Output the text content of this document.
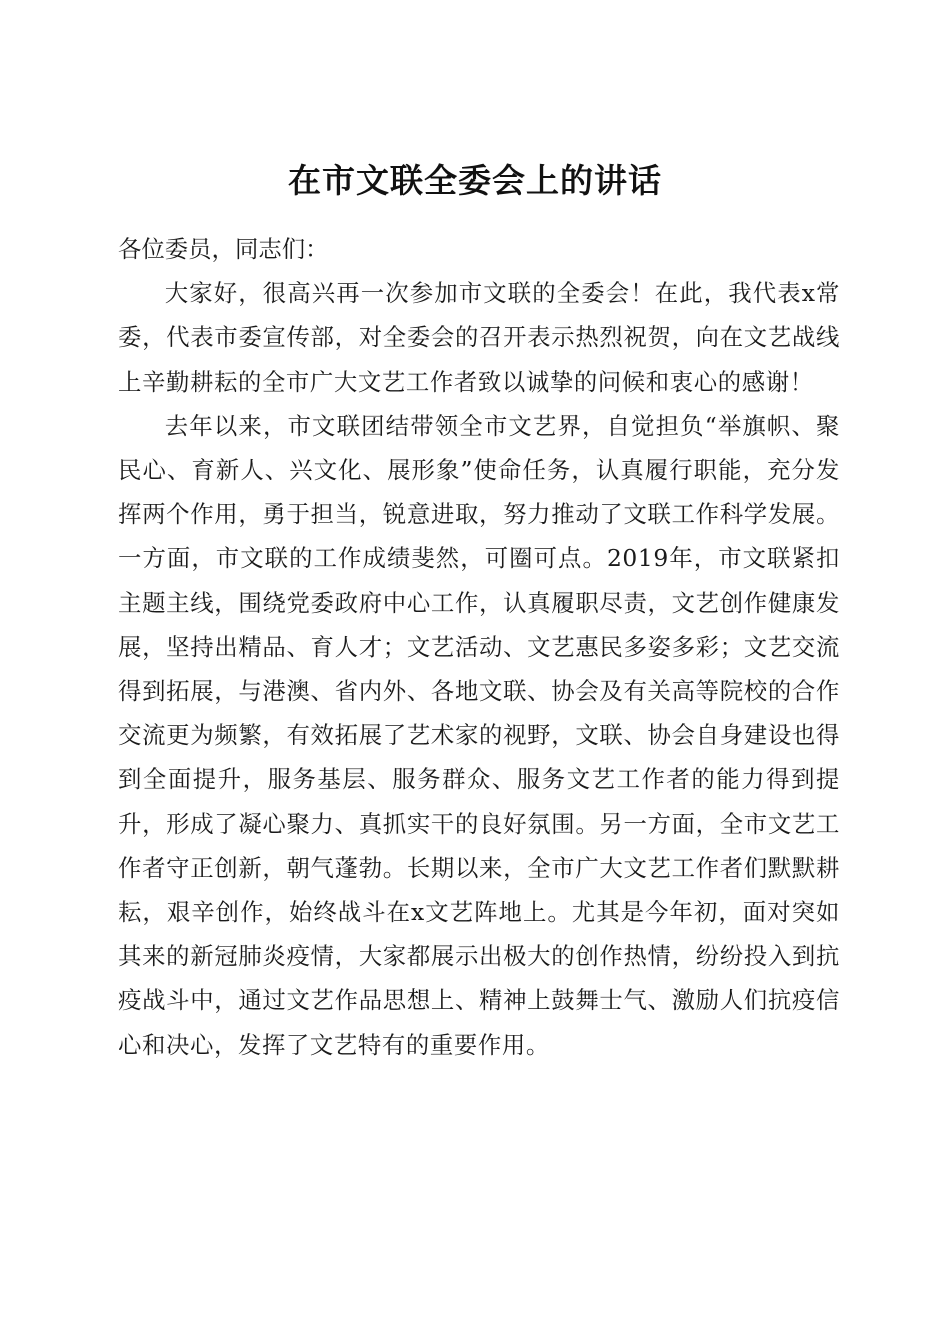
在市文联全委会上的讲话

各位委员，同志们：

大家好，很高兴再一次参加市文联的全委会！在此，我代表x常委，代表市委宣传部，对全委会的召开表示热烈祝贺，向在文艺战线上辛勤耕耘的全市广大文艺工作者致以诚挚的问候和衷心的感谢！

去年以来，市文联团结带领全市文艺界，自觉担负“举旗帜、聚民心、育新人、兴文化、展形象”使命任务，认真履行职能，充分发挥两个作用，勇于担当，锐意进取，努力推动了文联工作科学发展。一方面，市文联的工作成绩斐然，可圈可点。2019年，市文联紧扣主题主线，围绕党委政府中心工作，认真履职尽责，文艺创作健康发展，坚持出精品、育人才；文艺活动、文艺惠民多姿多彩；文艺交流得到拓展，与港澳、省内外、各地文联、协会及有关高等院校的合作交流更为频繁，有效拓展了艺术家的视野，文联、协会自身建设也得到全面提升，服务基层、服务群众、服务文艺工作者的能力得到提升，形成了凝心聚力、真抓实干的良好氛围。另一方面，全市文艺工作者守正创新，朝气蓬勃。长期以来，全市广大文艺工作者们默默耕耘，艰辛创作，始终战斗在x文艺阵地上。尤其是今年初，面对突如其来的新冠肺炎疫情，大家都展示出极大的创作热情，纷纷投入到抗疫战斗中，通过文艺作品思想上、精神上鼓舞士气、激励人们抗疫信心和决心，发挥了文艺特有的重要作用。
